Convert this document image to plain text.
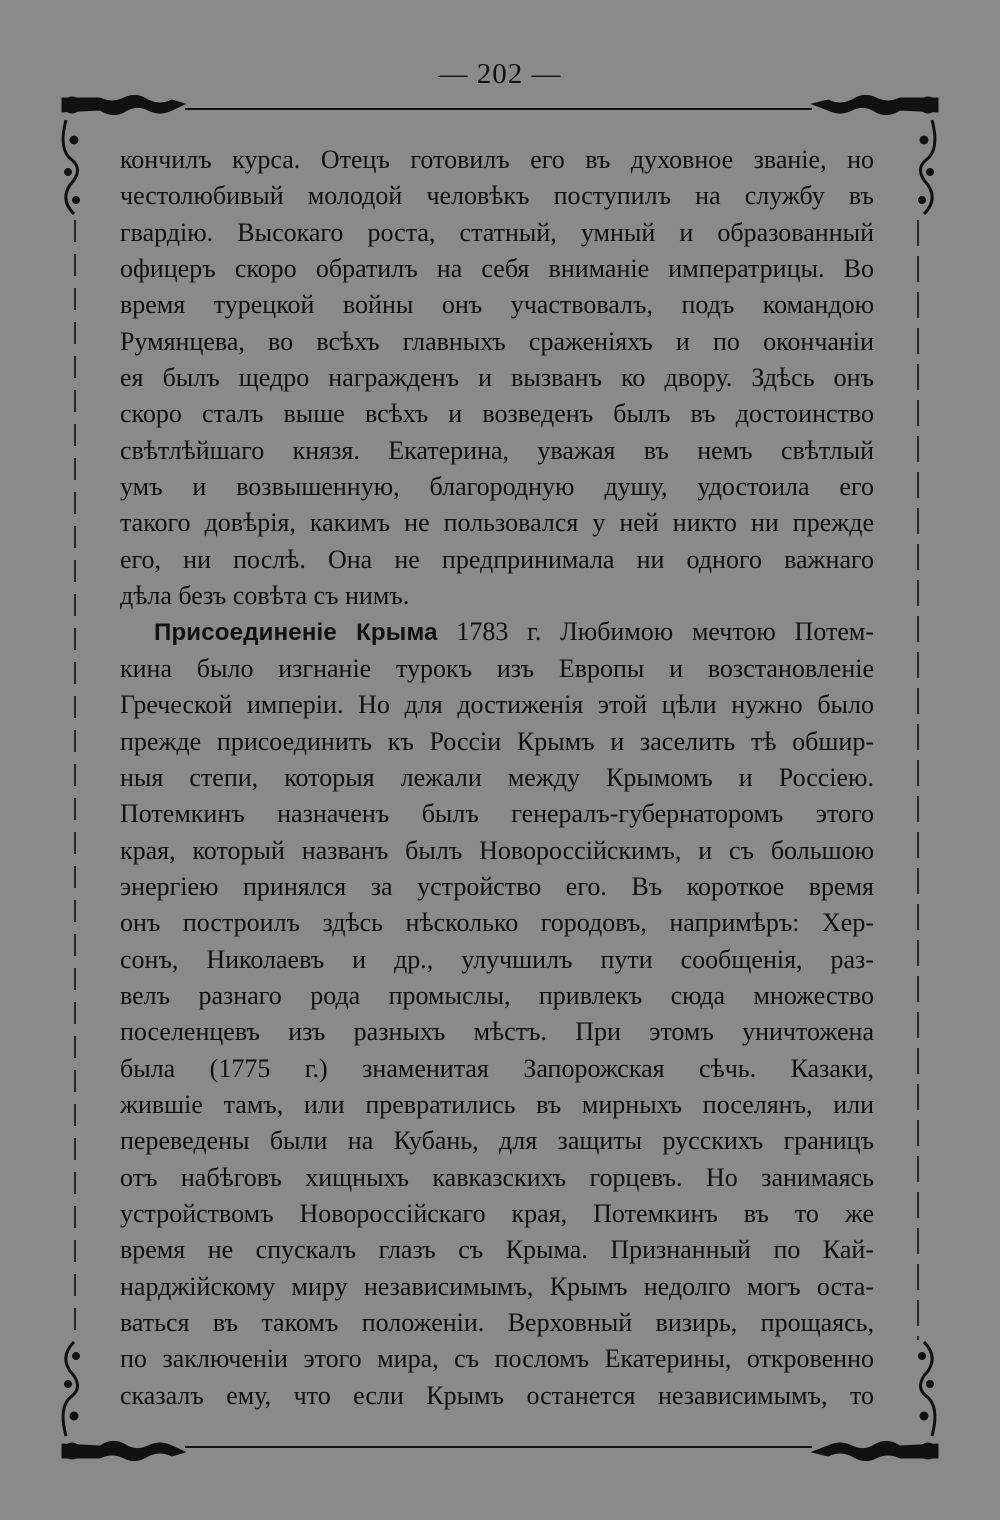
— 202 —
кончилъ курса. Отецъ готовилъ его въ духовное званіе, но
честолюбивый молодой человѣкъ поступилъ на службу въ
гвардію. Высокаго роста, статный, умный и образованный
офицеръ скоро обратилъ на себя вниманіе императрицы. Во
время турецкой войны онъ участвовалъ, подъ командою
Румянцева, во всѣхъ главныхъ сраженіяхъ и по окончаніи
ея былъ щедро награжденъ и вызванъ ко двору. Здѣсь онъ
скоро сталъ выше всѣхъ и возведенъ былъ въ достоинство
свѣтлѣйшаго князя. Екатерина, уважая въ немъ свѣтлый
умъ и возвышенную, благородную душу, удостоила его
такого довѣрія, какимъ не пользовался у ней никто ни прежде
его, ни послѣ. Она не предпринимала ни одного важнаго
дѣла безъ совѣта съ нимъ.
Присоединеніе Крыма 1783 г. Любимою мечтою Потем-
кина было изгнаніе турокъ изъ Европы и возстановленіе
Греческой имперіи. Но для достиженія этой цѣли нужно было
прежде присоединить къ Россіи Крымъ и заселить тѣ обшир-
ныя степи, которыя лежали между Крымомъ и Россіею.
Потемкинъ назначенъ былъ генералъ-губернаторомъ этого
края, который названъ былъ Новороссійскимъ, и съ большою
энергіею принялся за устройство его. Въ короткое время
онъ построилъ здѣсь нѣсколько городовъ, напримѣръ: Хер-
сонъ, Николаевъ и др., улучшилъ пути сообщенія, раз-
велъ разнаго рода промыслы, привлекъ сюда множество
поселенцевъ изъ разныхъ мѣстъ. При этомъ уничтожена
была (1775 г.) знаменитая Запорожская сѣчь. Казаки,
жившіе тамъ, или превратились въ мирныхъ поселянъ, или
переведены были на Кубань, для защиты русскихъ границъ
отъ набѣговъ хищныхъ кавказскихъ горцевъ. Но занимаясь
устройствомъ Новороссійскаго края, Потемкинъ въ то же
время не спускалъ глазъ съ Крыма. Признанный по Кай-
нарджійскому миру независимымъ, Крымъ недолго могъ оста-
ваться въ такомъ положеніи. Верховный визирь, прощаясь,
по заключеніи этого мира, съ посломъ Екатерины, откровенно
сказалъ ему, что если Крымъ останется независимымъ, то
